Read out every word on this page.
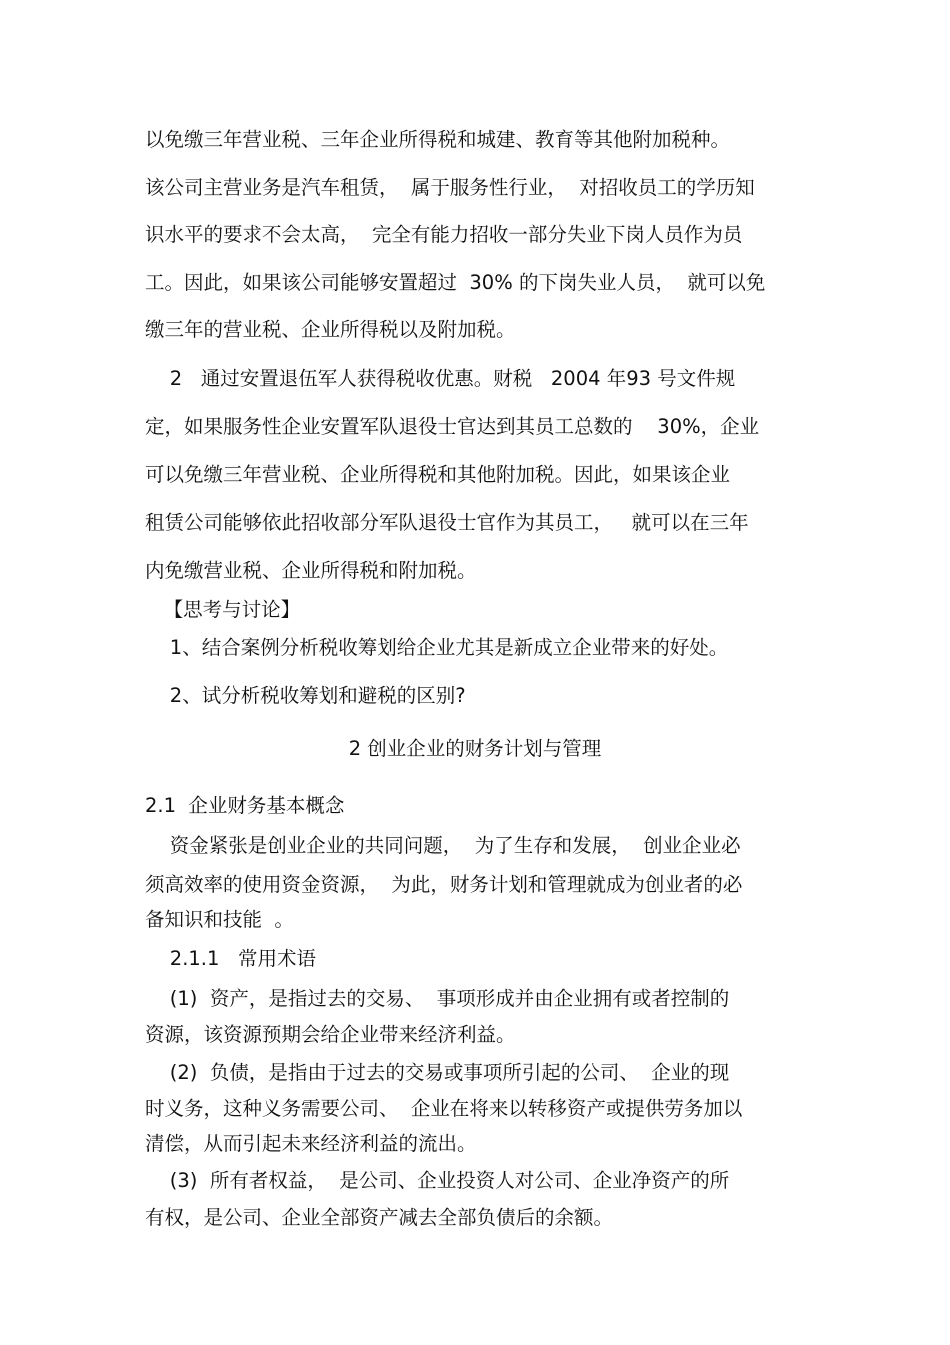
以免缴三年营业税、三年企业所得税和城建、教育等其他附加税种。

该公司主营业务是汽车租赁，  属于服务性行业，  对招收员工的学历知

识水平的要求不会太高，  完全有能力招收一部分失业下岗人员作为员

工。因此，如果该公司能够安置超过  30% 的下岗失业人员，  就可以免

缴三年的营业税、企业所得税以及附加税。

2   通过安置退伍军人获得税收优惠。财税   2004 年93 号文件规

定，如果服务性企业安置军队退役士官达到其员工总数的    30%，企业

可以免缴三年营业税、企业所得税和其他附加税。因此，如果该企业

租赁公司能够依此招收部分军队退役士官作为其员工，   就可以在三年

内免缴营业税、企业所得税和附加税。

【思考与讨论】

1、结合案例分析税收筹划给企业尤其是新成立企业带来的好处。

2、试分析税收筹划和避税的区别?

2 创业企业的财务计划与管理

2.1  企业财务基本概念

资金紧张是创业企业的共同问题，  为了生存和发展，  创业企业必

须高效率的使用资金资源，  为此，财务计划和管理就成为创业者的必

备知识和技能  。

2.1.1   常用术语

(1)  资产，是指过去的交易、  事项形成并由企业拥有或者控制的

资源，该资源预期会给企业带来经济利益。

(2)  负债，是指由于过去的交易或事项所引起的公司、  企业的现

时义务，这种义务需要公司、  企业在将来以转移资产或提供劳务加以

清偿，从而引起未来经济利益的流出。

(3)  所有者权益，  是公司、企业投资人对公司、企业净资产的所

有权，是公司、企业全部资产减去全部负债后的余额。
